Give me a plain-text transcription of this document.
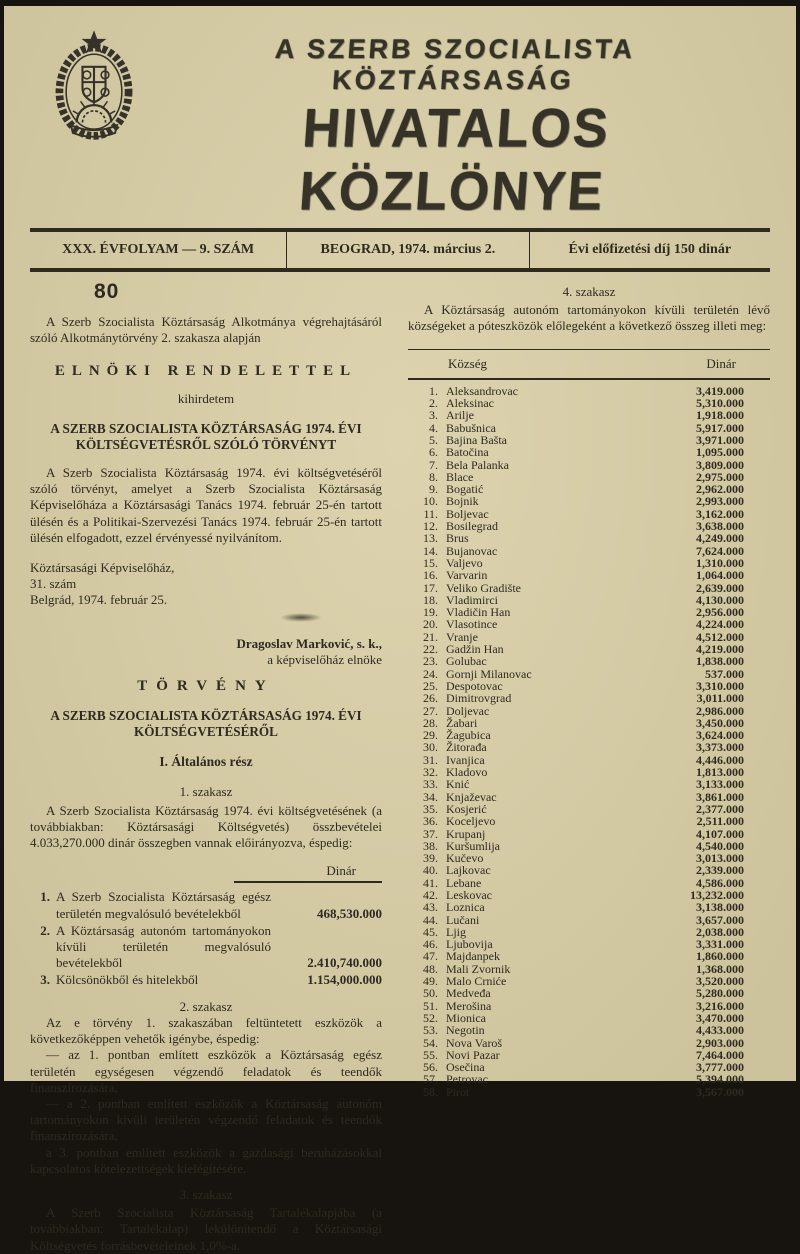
A SZERB SZOCIALISTA KÖZTÁRSASÁG
HIVATALOS KÖZLÖNYE
XXX. ÉVFOLYAM — 9. SZÁM	BEOGRAD, 1974. március 2.	Évi előfizetési díj 150 dinár
80

A Szerb Szocialista Köztársaság Alkotmánya végrehajtásáról szóló Alkotmánytörvény 2. szakasza alapján

ELNÖKI RENDELETTEL

kihirdetem

A SZERB SZOCIALISTA KÖZTÁRSASÁG 1974. ÉVI
KÖLTSÉGVETÉSRŐL SZÓLÓ TÖRVÉNYT

A Szerb Szocialista Köztársaság 1974. évi költségvetéséről szóló törvényt, amelyet a Szerb Szocialista Köztársaság Képviselőháza a Köztársasági Tanács 1974. február 25-én tartott ülésén és a Politikai-Szervezési Tanács 1974. február 25-én tartott ülésén elfogadott, ezzel érvényessé nyilvánítom.

Köztársasági Képviselőház,

31. szám

Belgrád, 1974. február 25.

Dragoslav Marković, s. k.,
a képviselőház elnöke

TÖRVÉNY

A SZERB SZOCIALISTA KÖZTÁRSASÁG 1974. ÉVI
KÖLTSÉGVETÉSÉRŐL

I. Általános rész

1. szakasz

A Szerb Szocialista Köztársaság 1974. évi költségvetésének (a továbbiakban: Köztársasági Költségvetés) összbevételei 4.033,270.000 dinár összegben vannak előirányozva, éspedig:

Dinár

1. A Szerb Szocialista Köztársaság egész területén megvalósuló bevételekből	468,530.000
2. A Köztársaság autonóm tartományokon kívüli területén megvalósuló bevételekből	2.410,740.000
3. Kölcsönökből és hitelekből	1.154,000.000

2. szakasz

Az e törvény 1. szakaszában feltüntetett eszközök a következőképpen vehetők igénybe, éspedig:

— az 1. pontban említett eszközök a Köztársaság egész területén egységesen végzendő feladatok és teendők finanszírozására,

— a 2. pontban említett eszközök a Köztársaság autonóm tartományokon kívüli területén végzendő feladatok és teendők finanszírozására,

a 3. pontban említett eszközök a gazdasági beruházásokkal kapcsolatos kötelezettségek kielégítésére.

3. szakasz

A Szerb Szocialista Köztársaság Tartalékalapjába (a továbbiakban: Tartalékalap) lekülönítendő a Köztársasági Költségvetés forrásbevételeinek 1,0%-a.

4. szakasz

A Köztársaság autonóm tartományokon kívüli területén lévő községeket a póteszközök előlegeként a következő összeg illeti meg:

Község	Dinár
1. Aleksandrovac	3,419.000
2. Aleksinac	5,310.000
3. Arilje	1,918.000
4. Babušnica	5,917.000
5. Bajina Bašta	3,971.000
6. Batočina	1,095.000
7. Bela Palanka	3,809.000
8. Blace	2,975.000
9. Bogatić	2,962.000
10. Bojnik	2,993.000
11. Boljevac	3,162.000
12. Bosilegrad	3,638.000
13. Brus	4,249.000
14. Bujanovac	7,624.000
15. Valjevo	1,310.000
16. Varvarin	1,064.000
17. Veliko Gradište	2,639.000
18. Vladimirci	4,130.000
19. Vladičin Han	2,956.000
20. Vlasotince	4,224.000
21. Vranje	4,512.000
22. Gadžin Han	4,219.000
23. Golubac	1,838.000
24. Gornji Milanovac	537.000
25. Despotovac	3,310.000
26. Dimitrovgrad	3,011.000
27. Doljevac	2,986.000
28. Žabari	3,450.000
29. Žagubica	3,624.000
30. Žitorađa	3,373.000
31. Ivanjica	4,446.000
32. Kladovo	1,813.000
33. Knić	3,133.000
34. Knjaževac	3,861.000
35. Kosjerić	2,377.000
36. Koceljevo	2,511.000
37. Krupanj	4,107.000
38. Kuršumlija	4,540.000
39. Kučevo	3,013.000
40. Lajkovac	2,339.000
41. Lebane	4,586.000
42. Leskovac	13,232.000
43. Loznica	3,138.000
44. Lučani	3,657.000
45. Ljig	2,038.000
46. Ljubovija	3,331.000
47. Majdanpek	1,860.000
48. Mali Zvornik	1,368.000
49. Malo Crniće	3,520.000
50. Medveđa	5,280.000
51. Merošina	3,216.000
52. Mionica	3,470.000
53. Negotin	4,433.000
54. Nova Varoš	2,903.000
55. Novi Pazar	7,464.000
56. Osečina	3,777.000
57. Petrovac	5,394.000
58. Pirot	3,567.000
